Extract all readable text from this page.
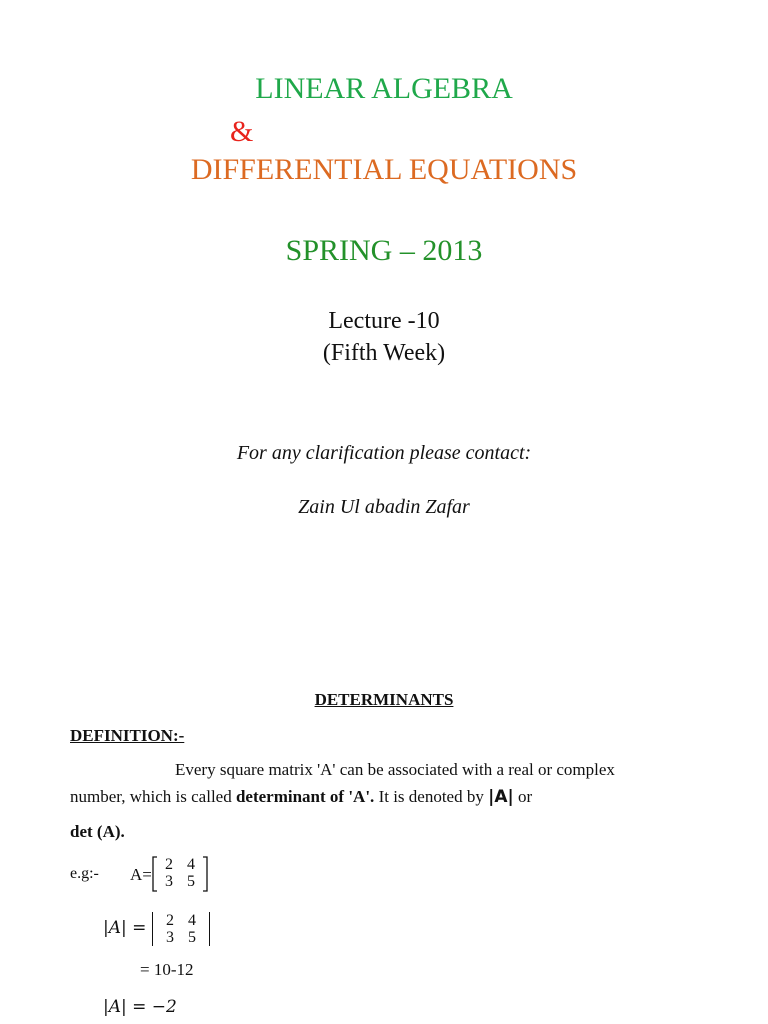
LINEAR ALGEBRA
&
DIFFERENTIAL EQUATIONS
SPRING – 2013
Lecture -10
(Fifth Week)
For any clarification please contact:
Zain Ul abadin Zafar
DETERMINANTS
DEFINITION:-
Every square matrix 'A' can be associated with a real or complex
number, which is called determinant of 'A'. It is denoted by |A| or
det (A).
e.g:- A=
2 4
3 5
|A| =	2 4
3 5
= 10-12
|A| = −2
